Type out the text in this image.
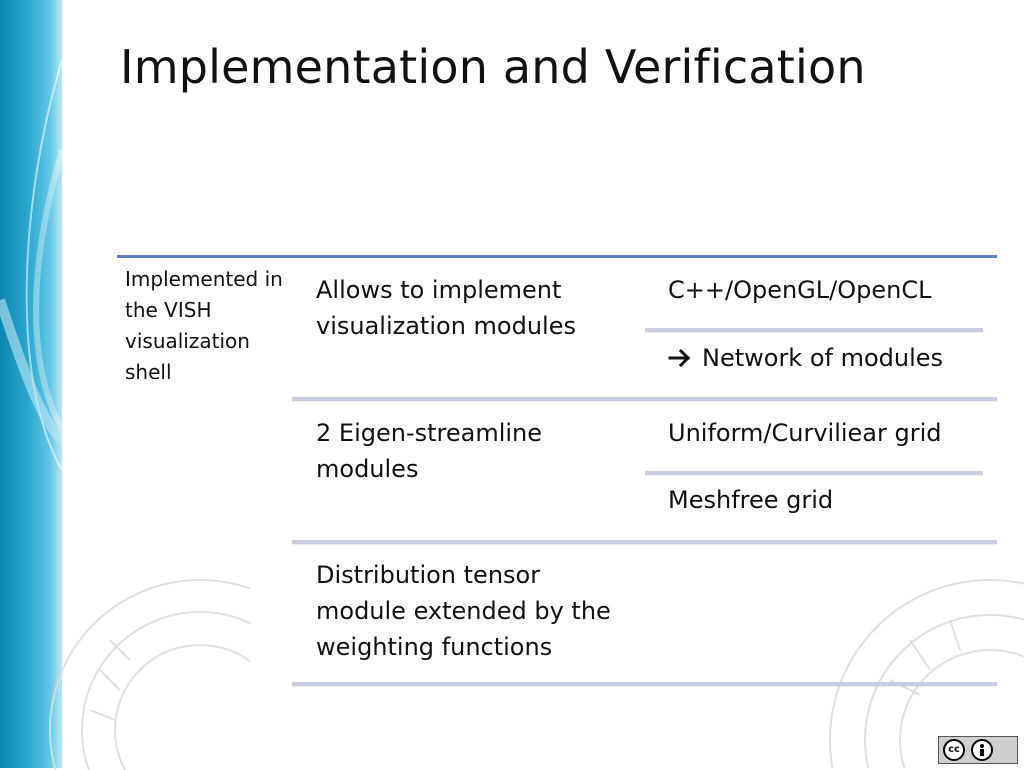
Implementation and Verification
Implemented in the VISH visualization shell
Allows to implement visualization modules
C++/OpenGL/OpenCL
Network of modules
2 Eigen-streamline modules
Uniform/Curviliear grid
Meshfree grid
Distribution tensor module extended by the weighting functions
cc
